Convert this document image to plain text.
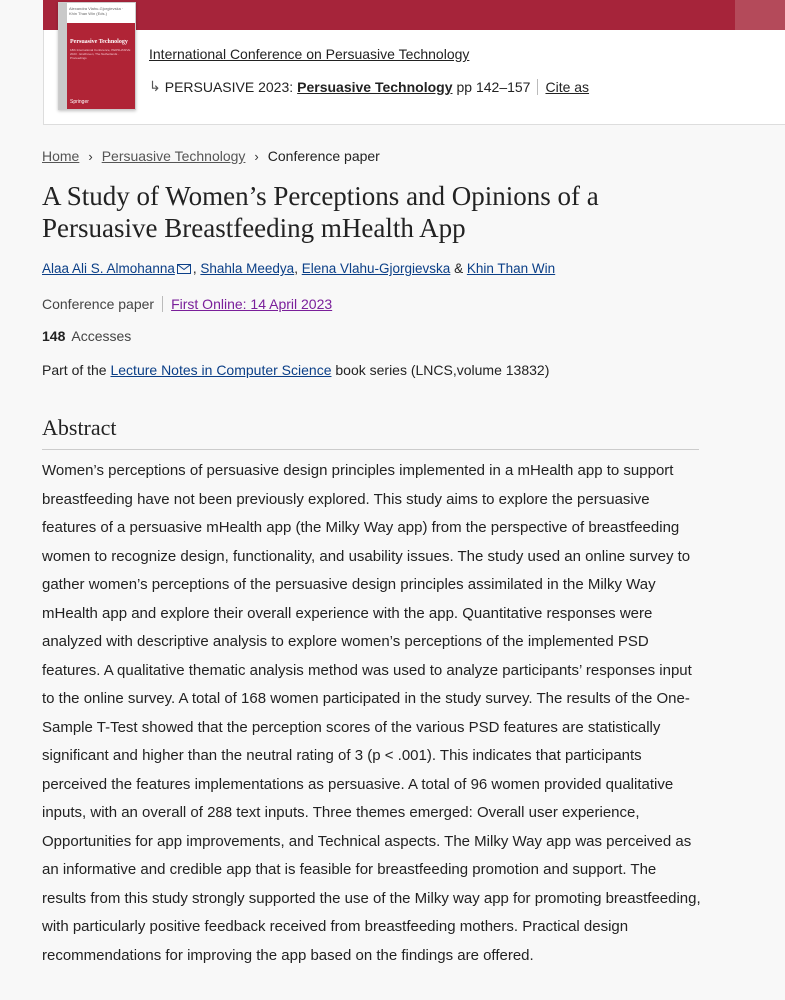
Alexandra Vlahu-Gjorgievska · Khin Than Win (Eds.)
Persuasive Technology
18th International Conference, PERSUASIVE 2023 · Eindhoven, The Netherlands · Proceedings
Springer
International Conference on Persuasive Technology
↳ PERSUASIVE 2023: Persuasive Technology pp 142–157 Cite as
Home › Persuasive Technology › Conference paper
A Study of Women’s Perceptions and Opinions of a Persuasive Breastfeeding mHealth App
Alaa Ali S. Almohanna ,
Shahla Meedya ,
Elena Vlahu-Gjorgievska
&
Khin Than Win
Conference paper First Online: 14 April 2023
148 Accesses
Part of the Lecture Notes in Computer Science book series (LNCS,volume 13832)
Abstract

Women’s perceptions of persuasive design principles implemented in a mHealth app to support breastfeeding have not been previously explored. This study aims to explore the persuasive features of a persuasive mHealth app (the Milky Way app) from the perspective of breastfeeding women to recognize design, functionality, and usability issues. The study used an online survey to gather women’s perceptions of the persuasive design principles assimilated in the Milky Way mHealth app and explore their overall experience with the app. Quantitative responses were analyzed with descriptive analysis to explore women’s perceptions of the implemented PSD features. A qualitative thematic analysis method was used to analyze participants’ responses input to the online survey. A total of 168 women participated in the study survey. The results of the One-Sample T-Test showed that the perception scores of the various PSD features are statistically significant and higher than the neutral rating of 3 (p < .001). This indicates that participants perceived the features implementations as persuasive. A total of 96 women provided qualitative inputs, with an overall of 288 text inputs. Three themes emerged: Overall user experience, Opportunities for app improvements, and Technical aspects. The Milky Way app was perceived as an informative and credible app that is feasible for breastfeeding promotion and support. The results from this study strongly supported the use of the Milky way app for promoting breastfeeding, with particularly positive feedback received from breastfeeding mothers. Practical design recommendations for improving the app based on the findings are offered.
